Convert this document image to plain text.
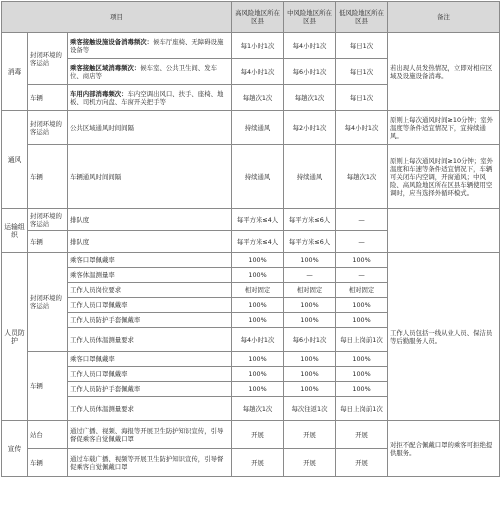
项目			高风险地区所在区县	中风险地区所在区县	低风险地区所在区县	备注
消毒	封闭环境的客运站	乘客接触设施设备消毒频次：候车厅座椅、无障碍设施设备等	每1小时1次	每4小时1次	每日1次	若出现人员发热情况，立即对相应区域及设施设备消毒。
		乘客接触区域消毒频次：候车室、公共卫生间、发车位、商店等	每4小时1次	每6小时1次	每日1次	
	车辆	车用内部消毒频次：车内空调出风口、扶手、座椅、地板、司机方向盘、车窗开关把手等	每趟次1次	每趟次1次	每日1次	
通风	封闭环境的客运站	公共区域通风时间间隔	持续通风	每2小时1次	每4小时1次	原则上每次通风时间≥10分钟；室外温度等条件适宜情况下，宜持续通风。
	车辆	车辆通风时间间隔	持续通风	持续通风	每趟次1次	原则上每次通风时间≥10分钟；室外温度和车速等条件适宜情况下，车辆可关闭车内空调，开窗通风；中风险、高风险地区所在区县车辆使用空调时，应当选择外循环模式。
运输组织	封闭环境的客运站	排队度	每平方米≤4人	每平方米≤6人	—	
	车辆	排队度	每平方米≤4人	每平方米≤6人	—	
人员防护	封闭环境的客运站	乘客口罩佩戴率	100%	100%	100%	工作人员包括一线从业人员、保洁员等后勤服务人员。
		乘客体温测量率	100%	—	—	
		工作人员岗位要求	相对固定	相对固定	相对固定	
		工作人员口罩佩戴率	100%	100%	100%	
		工作人员防护手套佩戴率	100%	100%	100%	
		工作人员体温测量要求	每4小时1次	每6小时1次	每日上岗前1次	
	车辆	乘客口罩佩戴率	100%	100%	100%	
		工作人员口罩佩戴率	100%	100%	100%	
		工作人员防护手套佩戴率	100%	100%	100%	
		工作人员体温测量要求	每趟次1次	每次往返1次	每日上岗前1次	
宣传	站台	通过广播、视频、海报等开展卫生防护知识宣传，引导督促乘客自觉佩戴口罩	开展	开展	开展	对拒不配合佩戴口罩的乘客可拒绝提供服务。
	车辆	通过车载广播、视频等开展卫生防护知识宣传，引导督促乘客自觉佩戴口罩	开展	开展	开展	
